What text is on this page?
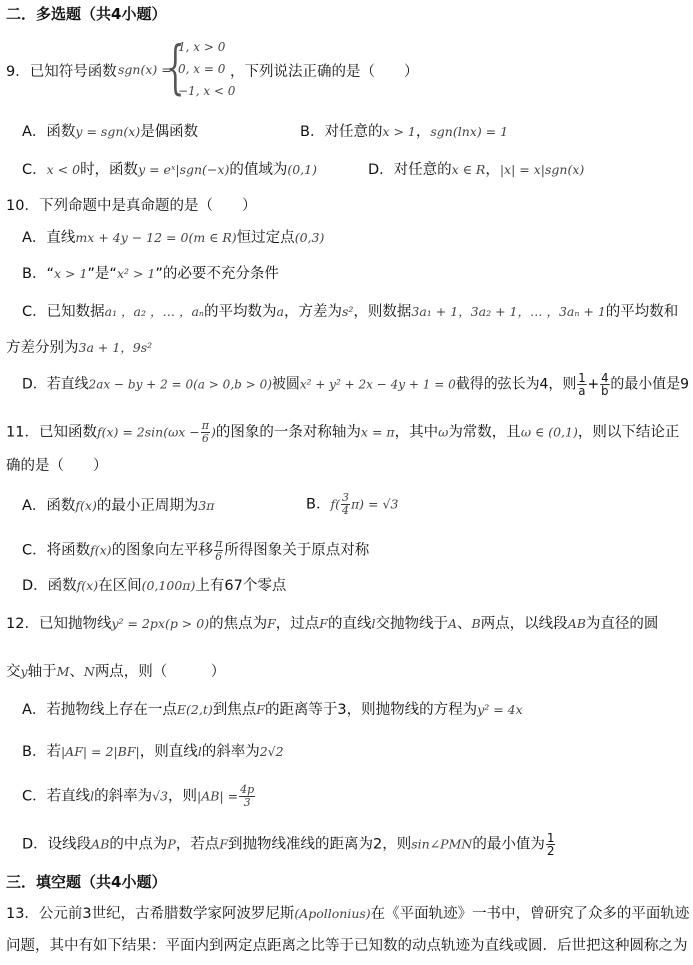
二．多选题（共4小题）
9．已知符号函数 sgn(x) =
{
1, x > 0
0, x = 0
−1, x < 0
，下列说法正确的是（　　）
A．函数y = sgn(x)是偶函数	B．对任意的x > 1，sgn(lnx) = 1
C．x < 0时，函数y = eˣ|sgn(−x)的值域为(0,1)	D．对任意的x ∈ R，|x| = x|sgn(x)
10．下列命题中是真命题的是（　　）
A．直线mx + 4y − 12 = 0(m ∈ R)恒过定点(0,3)
B．“x > 1”是“x² > 1”的必要不充分条件
C．已知数据a₁ ，a₂ ，… ，aₙ的平均数为a，方差为s²，则数据3a₁ + 1，3a₂ + 1，… ，3aₙ + 1的平均数和
方差分别为3a + 1，9s²
D．若直线2ax − by + 2 = 0(a > 0,b > 0)被圆x² + y² + 2x − 4y + 1 = 0截得的弦长为4，则 $\frac{1}{a} + \frac{4}{b}$ 的最小值是9
11．已知函数$f(x) = 2\sin(\omega x - \frac{\pi}{6}$ )的图象的一条对称轴为x = π，其中ω为常数，且ω ∈ (0,1)，则以下结论正
确的是（　　）
A．函数f(x)的最小正周期为3π	B．$f( \frac{3}{4} \pi) = √3$
C．将函数f(x)的图象向左平移 $\frac{\pi}{6}$ 所得图象关于原点对称
D．函数f(x)在区间(0,100π)上有67个零点
12．已知抛物线y² = 2px(p > 0)的焦点为F，过点F的直线l交抛物线于A、B两点，以线段AB为直径的圆
交y轴于M、N两点，则（　　　）
A．若抛物线上存在一点E(2,t)到焦点F的距离等于3，则抛物线的方程为y² = 4x
B．若|AF| = 2|BF|，则直线l的斜率为2√2
C．若直线l的斜率为√3，则$|AB| = \frac{4p}{3}$
D．设线段AB的中点为P，若点F到抛物线准线的距离为2，则sin∠PMN的最小值为 $\frac{1}{2}$
三．填空题（共4小题）
13．公元前3世纪，古希腊数学家阿波罗尼斯(Apollonius)在《平面轨迹》一书中，曾研究了众多的平面轨迹
问题，其中有如下结果：平面内到两定点距离之比等于已知数的动点轨迹为直线或圆．后世把这种圆称之为
